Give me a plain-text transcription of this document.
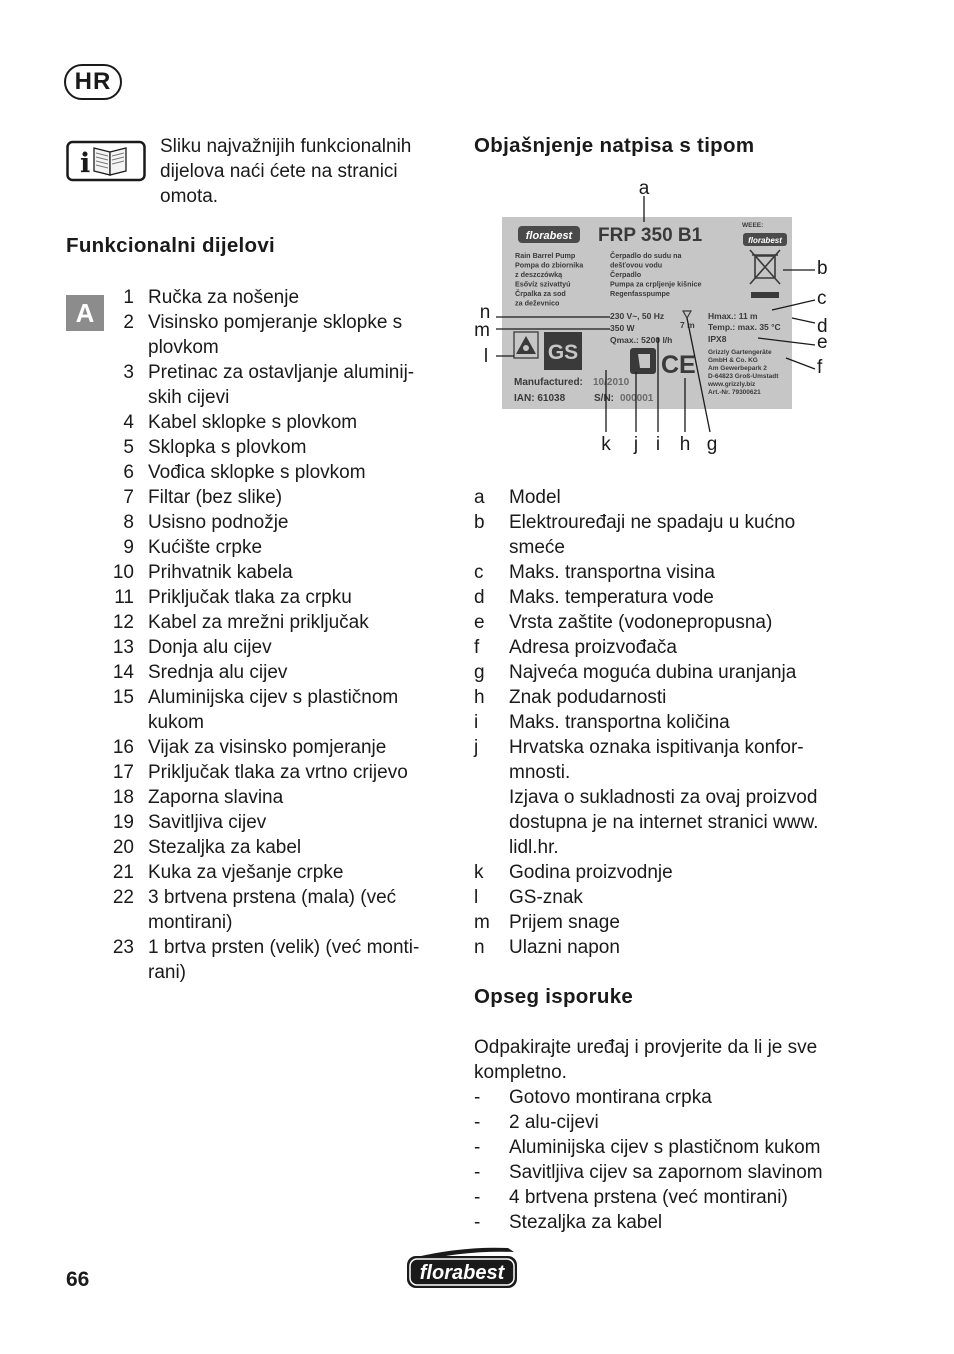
HR
i
Sliku najvažnijih funkcionalnih dijelova naći ćete na stranici omota.
Funkcionalni dijelovi
A	1 Ručka za nošenje
2 Visinsko pomjeranje sklopke s plovkom
3 Pretinac za ostavljanje aluminij-skih cijevi
4 Kabel sklopke s plovkom
5 Sklopka s plovkom
6 Vođica sklopke s plovkom
7 Filtar (bez slike)
8 Usisno podnožje
9 Kućište crpke
10 Prihvatnik kabela
11 Priključak tlaka za crpku
12 Kabel za mrežni priključak
13 Donja alu cijev
14 Srednja alu cijev
15 Aluminijska cijev s plastičnom kukom
16 Vijak za visinsko pomjeranje
17 Priključak tlaka za vrtno crijevo
18 Zaporna slavina
19 Savitljiva cijev
20 Stezaljka za kabel
21 Kuka za vješanje crpke
22 3 brtvena prstena (mala) (već montirani)
23 1 brtva prsten (velik) (već monti-rani)
Objašnjenje natpisa s tipom
florabest FRP 350 B1	WEEE:
florabest
Rain Barrel Pump
Pompa do zbiornika
z deszczówką
Esővíz szivattyú
Črpalka za sod
za deževnico
Čerpadlo do sudu na
dešťovou vodu
Čerpadlo
Pumpa za crpljenje kišnice
Regenfasspumpe
230 V~, 50 Hz
350 W
Qmax.: 5200 l/h
Hmax.: 11 m
Temp.: max. 35 °C
IPX8
7 m
Grizzly Gartengeräte
GmbH & Co. KG
Am Gewerbepark 2
D-64823 Groß-Umstadt
www.grizzly.biz
Art.-Nr. 79300621
GS	CE
Manufactured: 10/2010
IAN: 61038	S/N: 000001
a
b
c
d
e
f
g
h
i
j
k
l
m
n
a	Model
b	Elektrouređaji ne spadaju u kućno smeće
c	Maks. transportna visina
d	Maks. temperatura vode
e	Vrsta zaštite (vodonepropusna)
f	Adresa proizvođača
g	Najveća moguća dubina uranjanja
h	Znak podudarnosti
i	Maks. transportna količina
j	Hrvatska oznaka ispitivanja konfor-mnosti.
Izjava o sukladnosti za ovaj proizvod dostupna je na internet stranici www. lidl.hr.
k	Godina proizvodnje
l	GS-znak
m	Prijem snage
n	Ulazni napon
Opseg isporuke

Odpakirajte uređaj i provjerite da li je sve kompletno.

-	Gotovo montirana crpka
-	2 alu-cijevi
-	Aluminijska cijev s plastičnom kukom
-	Savitljiva cijev sa zapornom slavinom
-	4 brtvena prstena (već montirani)
-	Stezaljka za kabel
66	florabest
